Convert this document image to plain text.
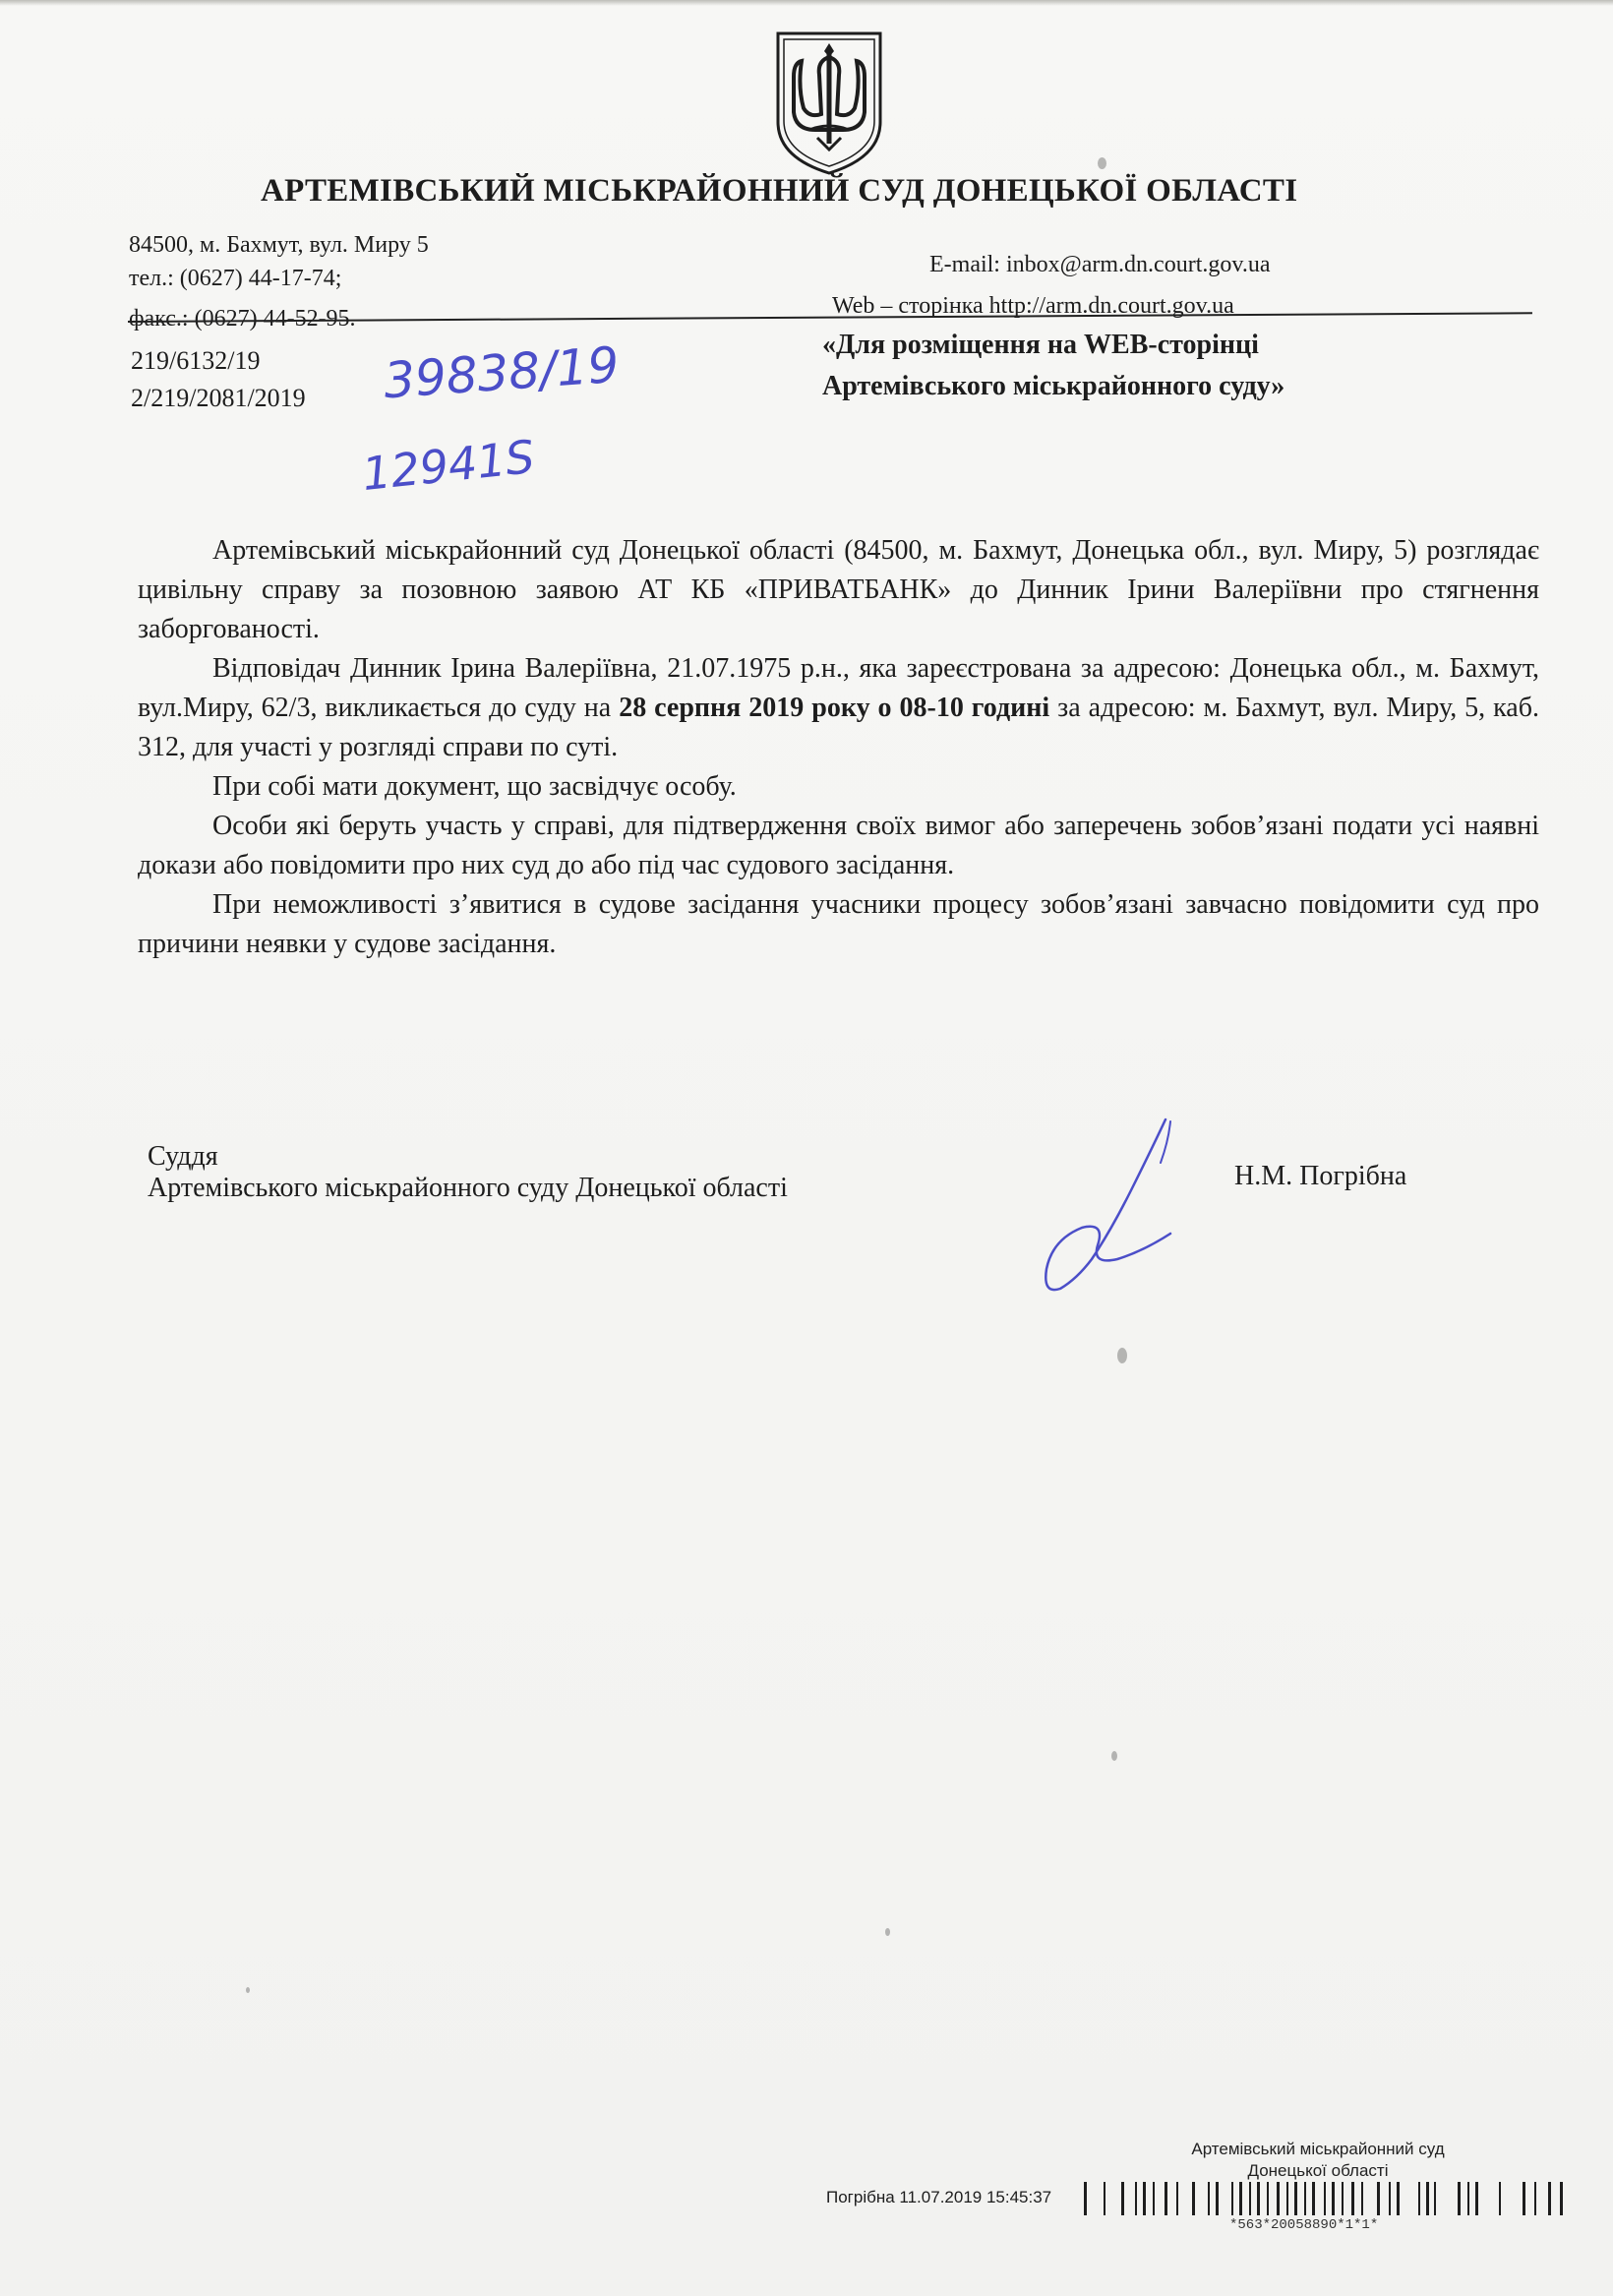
АРТЕМІВСЬКИЙ МІСЬКРАЙОННИЙ СУД ДОНЕЦЬКОЇ ОБЛАСТІ
84500, м. Бахмут, вул. Миру 5
тел.: (0627) 44-17-74;
факс.: (0627) 44-52-95.
E-mail: inbox@arm.dn.court.gov.ua
Web – сторінка http://arm.dn.court.gov.ua
219/6132/19
2/219/2081/2019 39838/19
12941S
«Для розміщення на WEB-сторінці
Артемівського міськрайонного суду»

Артемівський міськрайонний суд Донецької області (84500, м. Бахмут, Донецька обл., вул. Миру, 5) розглядає цивільну справу за позовною заявою АТ КБ «ПРИВАТБАНК» до Динник Ірини Валеріївни про стягнення заборгованості.

Відповідач Динник Ірина Валеріївна, 21.07.1975 р.н., яка зареєстрована за адресою: Донецька обл., м. Бахмут, вул.Миру, 62/3, викликається до суду на 28 серпня 2019 року о 08-10 годині за адресою: м. Бахмут, вул. Миру, 5, каб. 312, для участі у розгляді справи по суті.

При собі мати документ, що засвідчує особу.

Особи які беруть участь у справі, для підтвердження своїх вимог або заперечень зобов’язані подати усі наявні докази або повідомити про них суд до або під час судового засідання.

При неможливості з’явитися в судове засідання учасники процесу зобов’язані завчасно повідомити суд про причини неявки у судове засідання.

Суддя
Артемівського міськрайонного суду Донецької області	Н.М. Погрібна
Артемівський міськрайонний суд
Донецької області
Погрібна 11.07.2019 15:45:37
*563*20058890*1*1*
